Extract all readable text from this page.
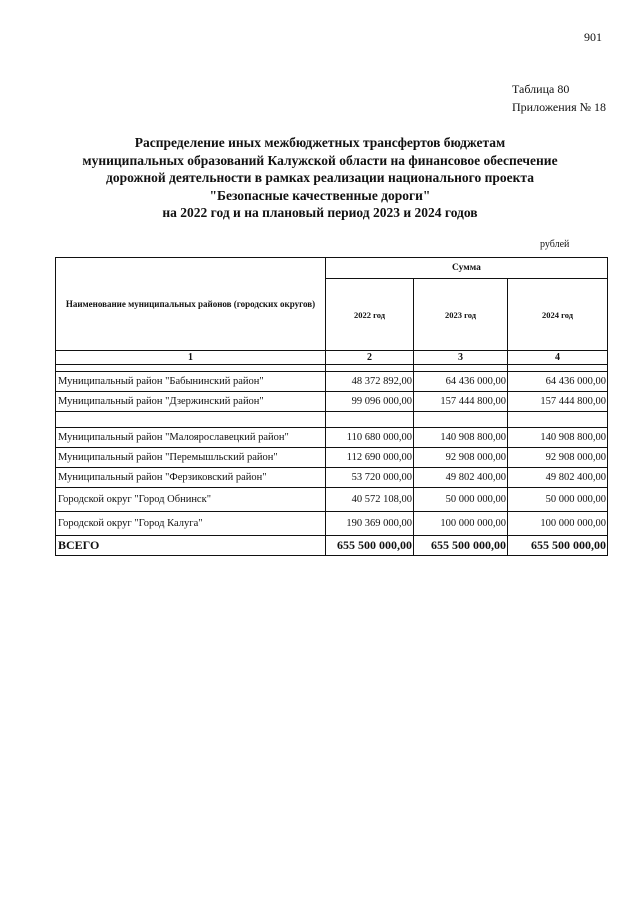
901
Таблица 80
Приложения № 18
Распределение иных межбюджетных трансфертов бюджетам
муниципальных образований Калужской области на финансовое обеспечение
дорожной деятельности в рамках реализации национального проекта
"Безопасные качественные дороги"
на 2022 год и на плановый период 2023 и 2024 годов
рублей
Наименование муниципальных районов (городских округов)	Сумма		
	2022 год	2023 год	2024 год
1	2	3	4

Муниципальный район "Бабынинский район"	48 372 892,00	64 436 000,00	64 436 000,00
Муниципальный район "Дзержинский район"	99 096 000,00	157 444 800,00	157 444 800,00

Муниципальный район "Малоярославецкий район"	110 680 000,00	140 908 800,00	140 908 800,00
Муниципальный район "Перемышльский район"	112 690 000,00	92 908 000,00	92 908 000,00
Муниципальный район "Ферзиковский район"	53 720 000,00	49 802 400,00	49 802 400,00
Городской округ "Город Обнинск"	40 572 108,00	50 000 000,00	50 000 000,00
Городской округ "Город Калуга"	190 369 000,00	100 000 000,00	100 000 000,00
ВСЕГО	655 500 000,00	655 500 000,00	655 500 000,00
